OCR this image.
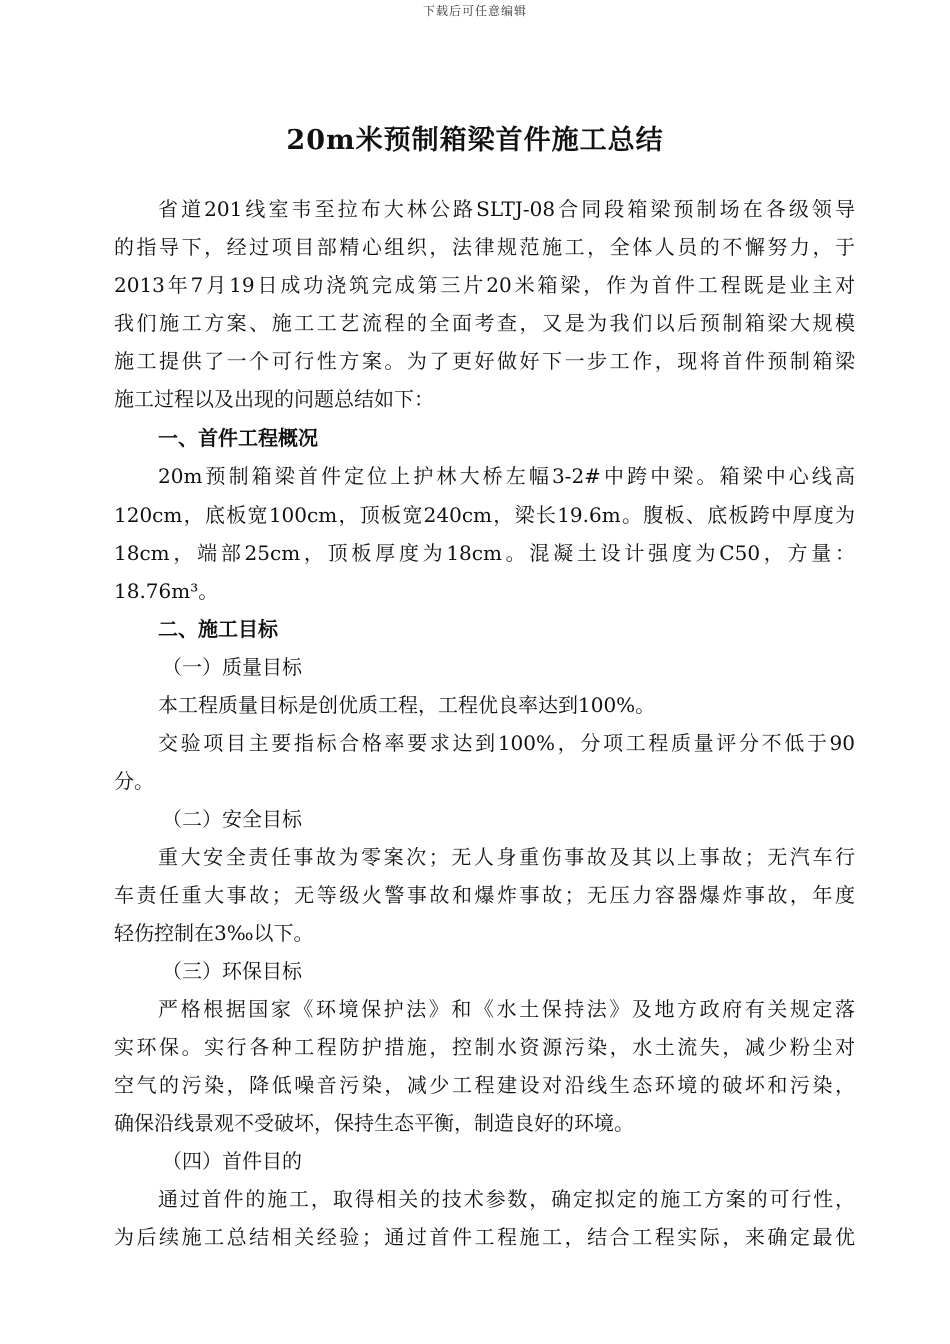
下载后可任意编辑
20m米预制箱梁首件施工总结
省道201线室韦至拉布大林公路SLTJ-08合同段箱梁预制场在各级领导
的指导下，经过项目部精心组织，法律规范施工，全体人员的不懈努力，于
2013年7月19日成功浇筑完成第三片20米箱梁，作为首件工程既是业主对
我们施工方案、施工工艺流程的全面考查，又是为我们以后预制箱梁大规模
施工提供了一个可行性方案。为了更好做好下一步工作，现将首件预制箱梁
施工过程以及出现的问题总结如下：
一、首件工程概况
20m预制箱梁首件定位上护林大桥左幅3-2#中跨中梁。箱梁中心线高
120cm，底板宽100cm，顶板宽240cm，梁长19.6m。腹板、底板跨中厚度为
18cm，端部25cm，顶板厚度为18cm。混凝土设计强度为C50，方量：
18.76m³。
二、施工目标
（一）质量目标
本工程质量目标是创优质工程，工程优良率达到100%。
交验项目主要指标合格率要求达到100%，分项工程质量评分不低于90
分。
（二）安全目标
重大安全责任事故为零案次；无人身重伤事故及其以上事故；无汽车行
车责任重大事故；无等级火警事故和爆炸事故；无压力容器爆炸事故，年度
轻伤控制在3‰以下。
（三）环保目标
严格根据国家《环境保护法》和《水土保持法》及地方政府有关规定落
实环保。实行各种工程防护措施，控制水资源污染，水土流失，减少粉尘对
空气的污染，降低噪音污染，减少工程建设对沿线生态环境的破坏和污染，
确保沿线景观不受破坏，保持生态平衡，制造良好的环境。
（四）首件目的
通过首件的施工，取得相关的技术参数，确定拟定的施工方案的可行性，
为后续施工总结相关经验；通过首件工程施工，结合工程实际，来确定最优
